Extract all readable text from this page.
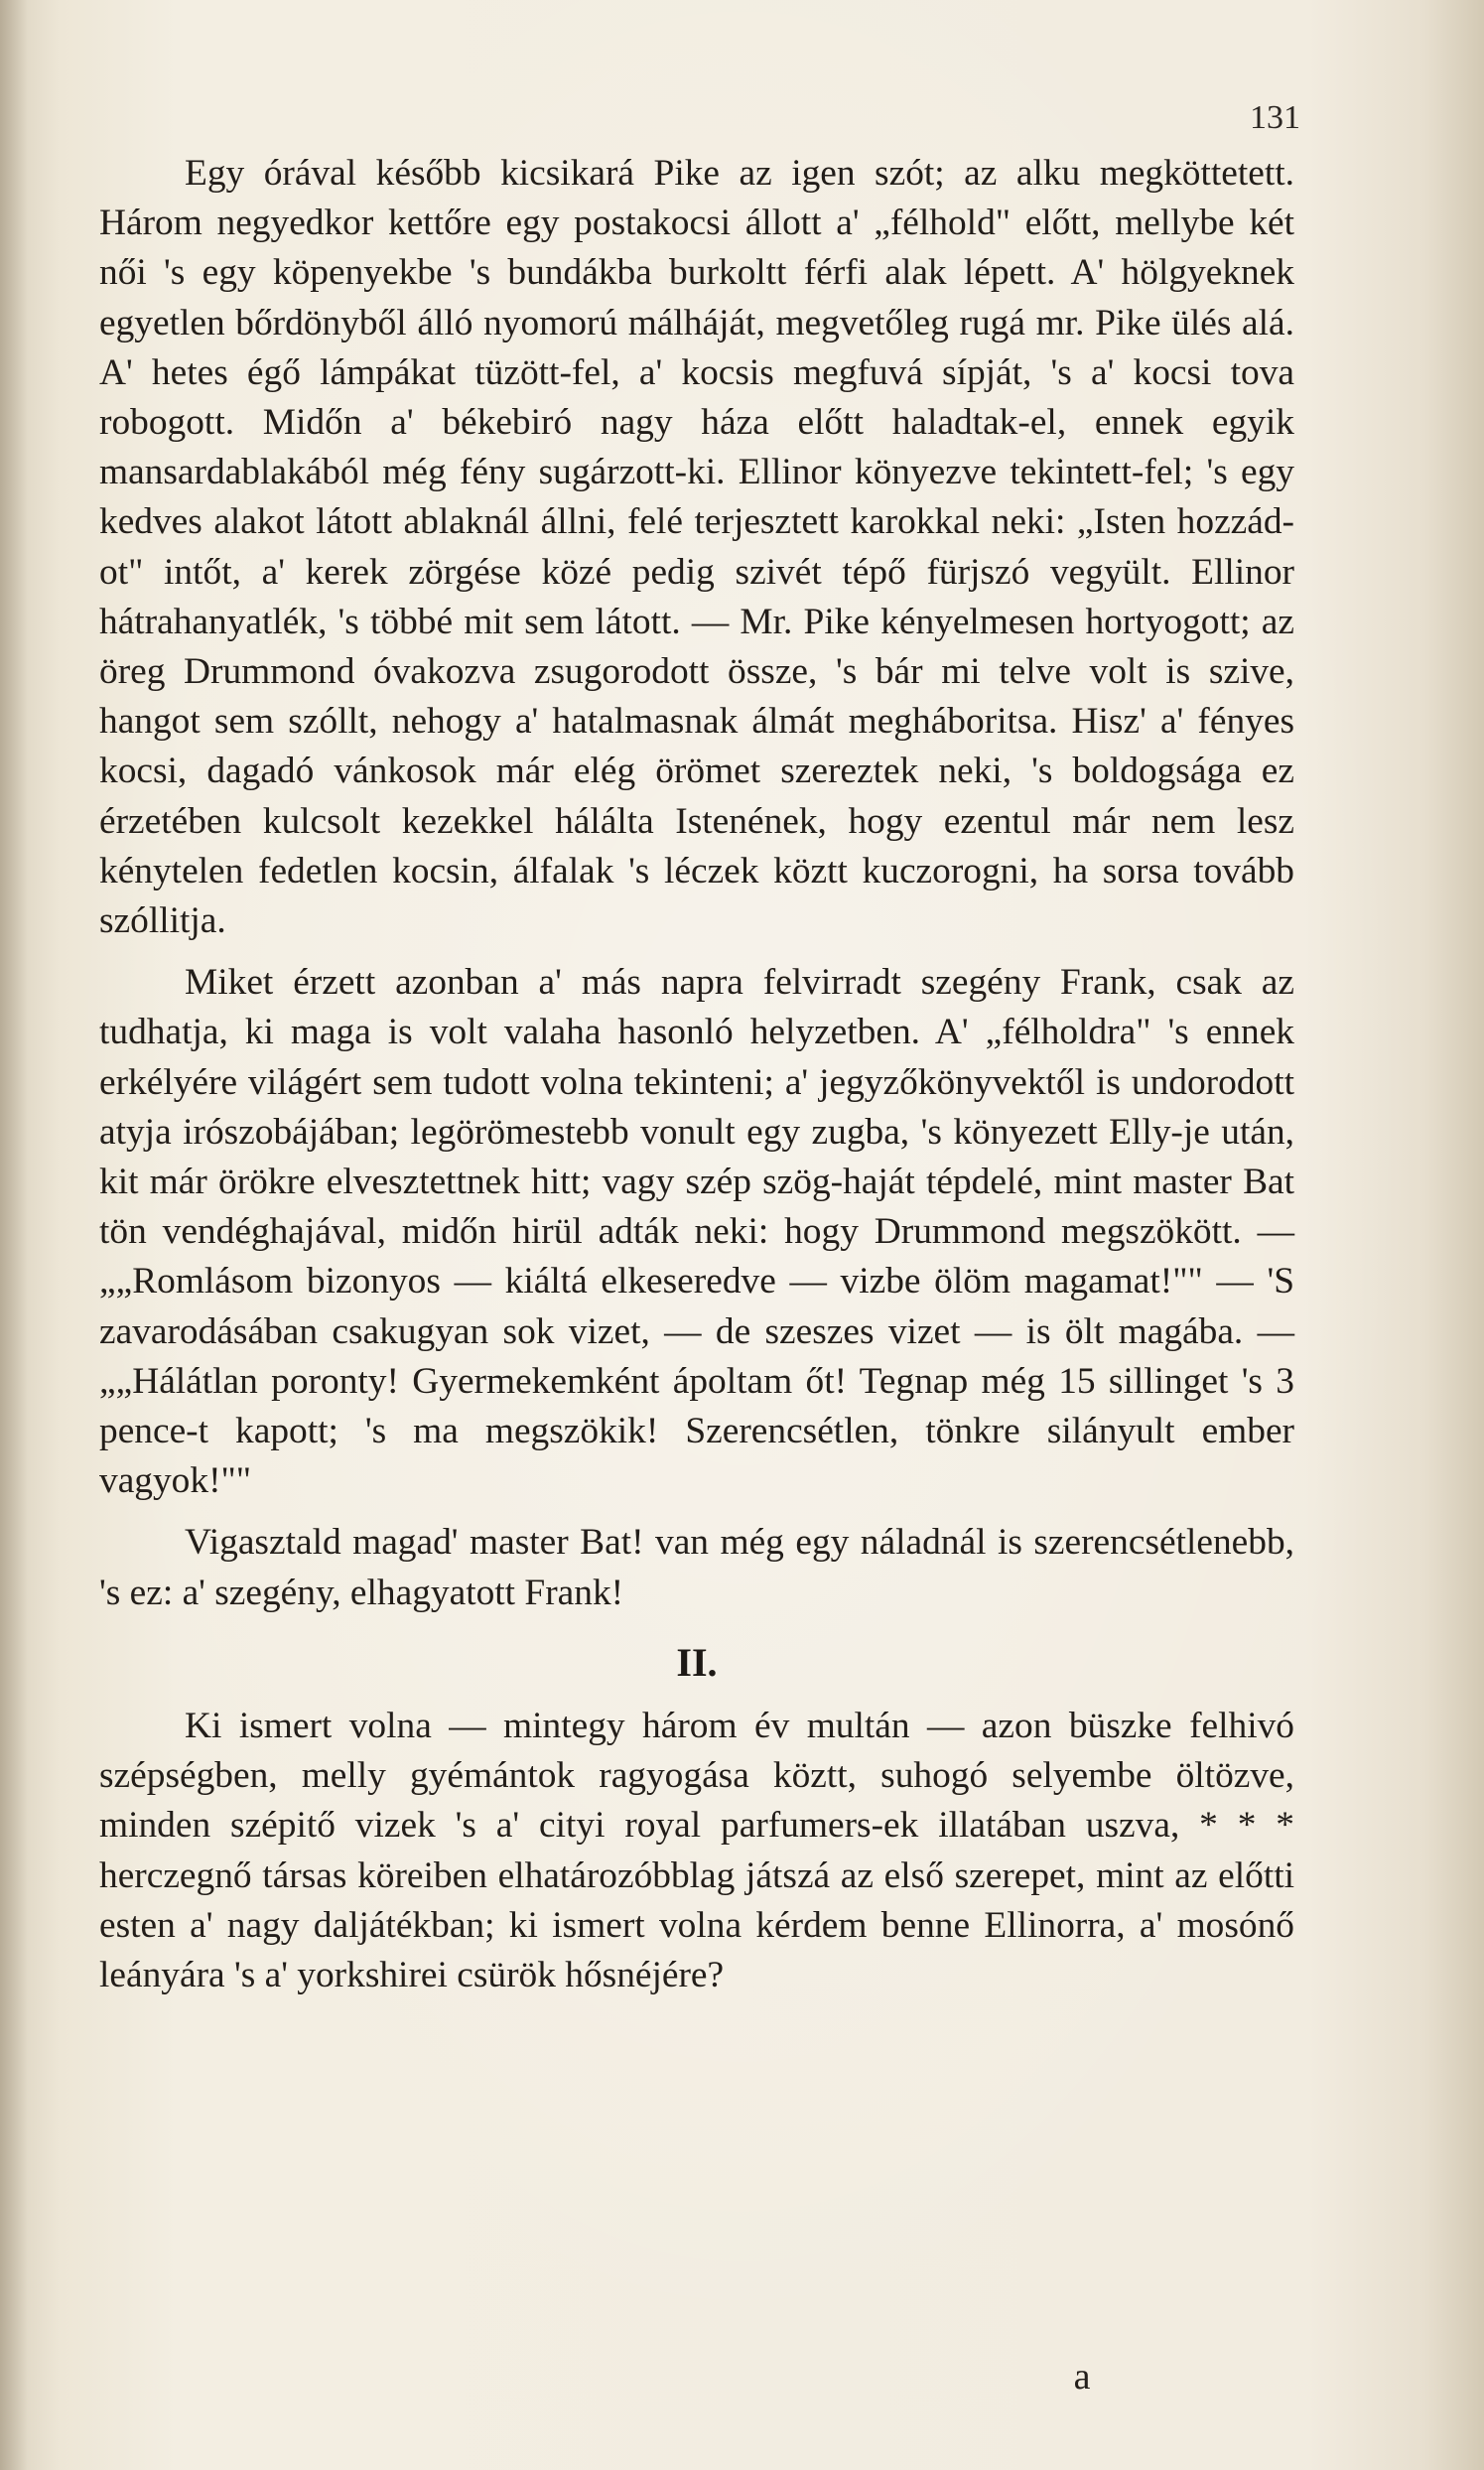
131

Egy órával később kicsikará Pike az igen szót; az alku megköttetett. Három negyedkor kettőre egy postakocsi állott a' „félhold" előtt, mellybe két női 's egy köpenyekbe 's bundákba burkoltt férfi alak lépett. A' hölgyeknek egyetlen bőrdönyből álló nyomorú málháját, megvetőleg rugá mr. Pike ülés alá. A' hetes égő lámpákat tüzött-fel, a' kocsis megfuvá sípját, 's a' kocsi tova robogott. Midőn a' békebiró nagy háza előtt haladtak-el, ennek egyik mansardablakából még fény sugárzott-ki. Ellinor könyezve tekintett-fel; 's egy kedves alakot látott ablaknál állni, felé terjesztett karokkal neki: „Isten hozzád-ot" intőt, a' kerek zörgése közé pedig szivét tépő fürjszó vegyült. Ellinor hátrahanyatlék, 's többé mit sem látott. — Mr. Pike kényelmesen hortyogott; az öreg Drummond óvakozva zsugorodott össze, 's bár mi telve volt is szive, hangot sem szóllt, nehogy a' hatalmasnak álmát megháboritsa. Hisz' a' fényes kocsi, dagadó vánkosok már elég örömet szereztek neki, 's boldogsága ez érzetében kulcsolt kezekkel hálálta Istenének, hogy ezentul már nem lesz kénytelen fedetlen kocsin, álfalak 's léczek köztt kuczorogni, ha sorsa tovább szóllitja.

Miket érzett azonban a' más napra felvirradt szegény Frank, csak az tudhatja, ki maga is volt valaha hasonló helyzetben. A' „félholdra" 's ennek erkélyére világért sem tudott volna tekinteni; a' jegyzőkönyvektől is undorodott atyja irószobájában; legörömestebb vonult egy zugba, 's könyezett Elly-je után, kit már örökre elvesztettnek hitt; vagy szép szög-haját tépdelé, mint master Bat tön vendéghajával, midőn hirül adták neki: hogy Drummond megszökött. — „„Romlásom bizonyos — kiáltá elkeseredve — vizbe ölöm magamat!"" — 'S zavarodásában csakugyan sok vizet, — de szeszes vizet — is ölt magába. — „„Hálátlan poronty! Gyermekemként ápoltam őt! Tegnap még 15 sillinget 's 3 pence-t kapott; 's ma megszökik! Szerencsétlen, tönkre silányult ember vagyok!""

Vigasztald magad' master Bat! van még egy náladnál is szerencsétlenebb, 's ez: a' szegény, elhagyatott Frank!

II.

Ki ismert volna — mintegy három év multán — azon büszke felhivó szépségben, melly gyémántok ragyogása köztt, suhogó selyembe öltözve, minden szépitő vizek 's a' cityi royal parfumers-ek illatában uszva, * * * herczegnő társas köreiben elhatározóbblag játszá az első szerepet, mint az előtti esten a' nagy daljátékban; ki ismert volna kérdem benne Ellinorra, a' mosónő leányára 's a' yorkshirei csürök hősnéjére?

a
